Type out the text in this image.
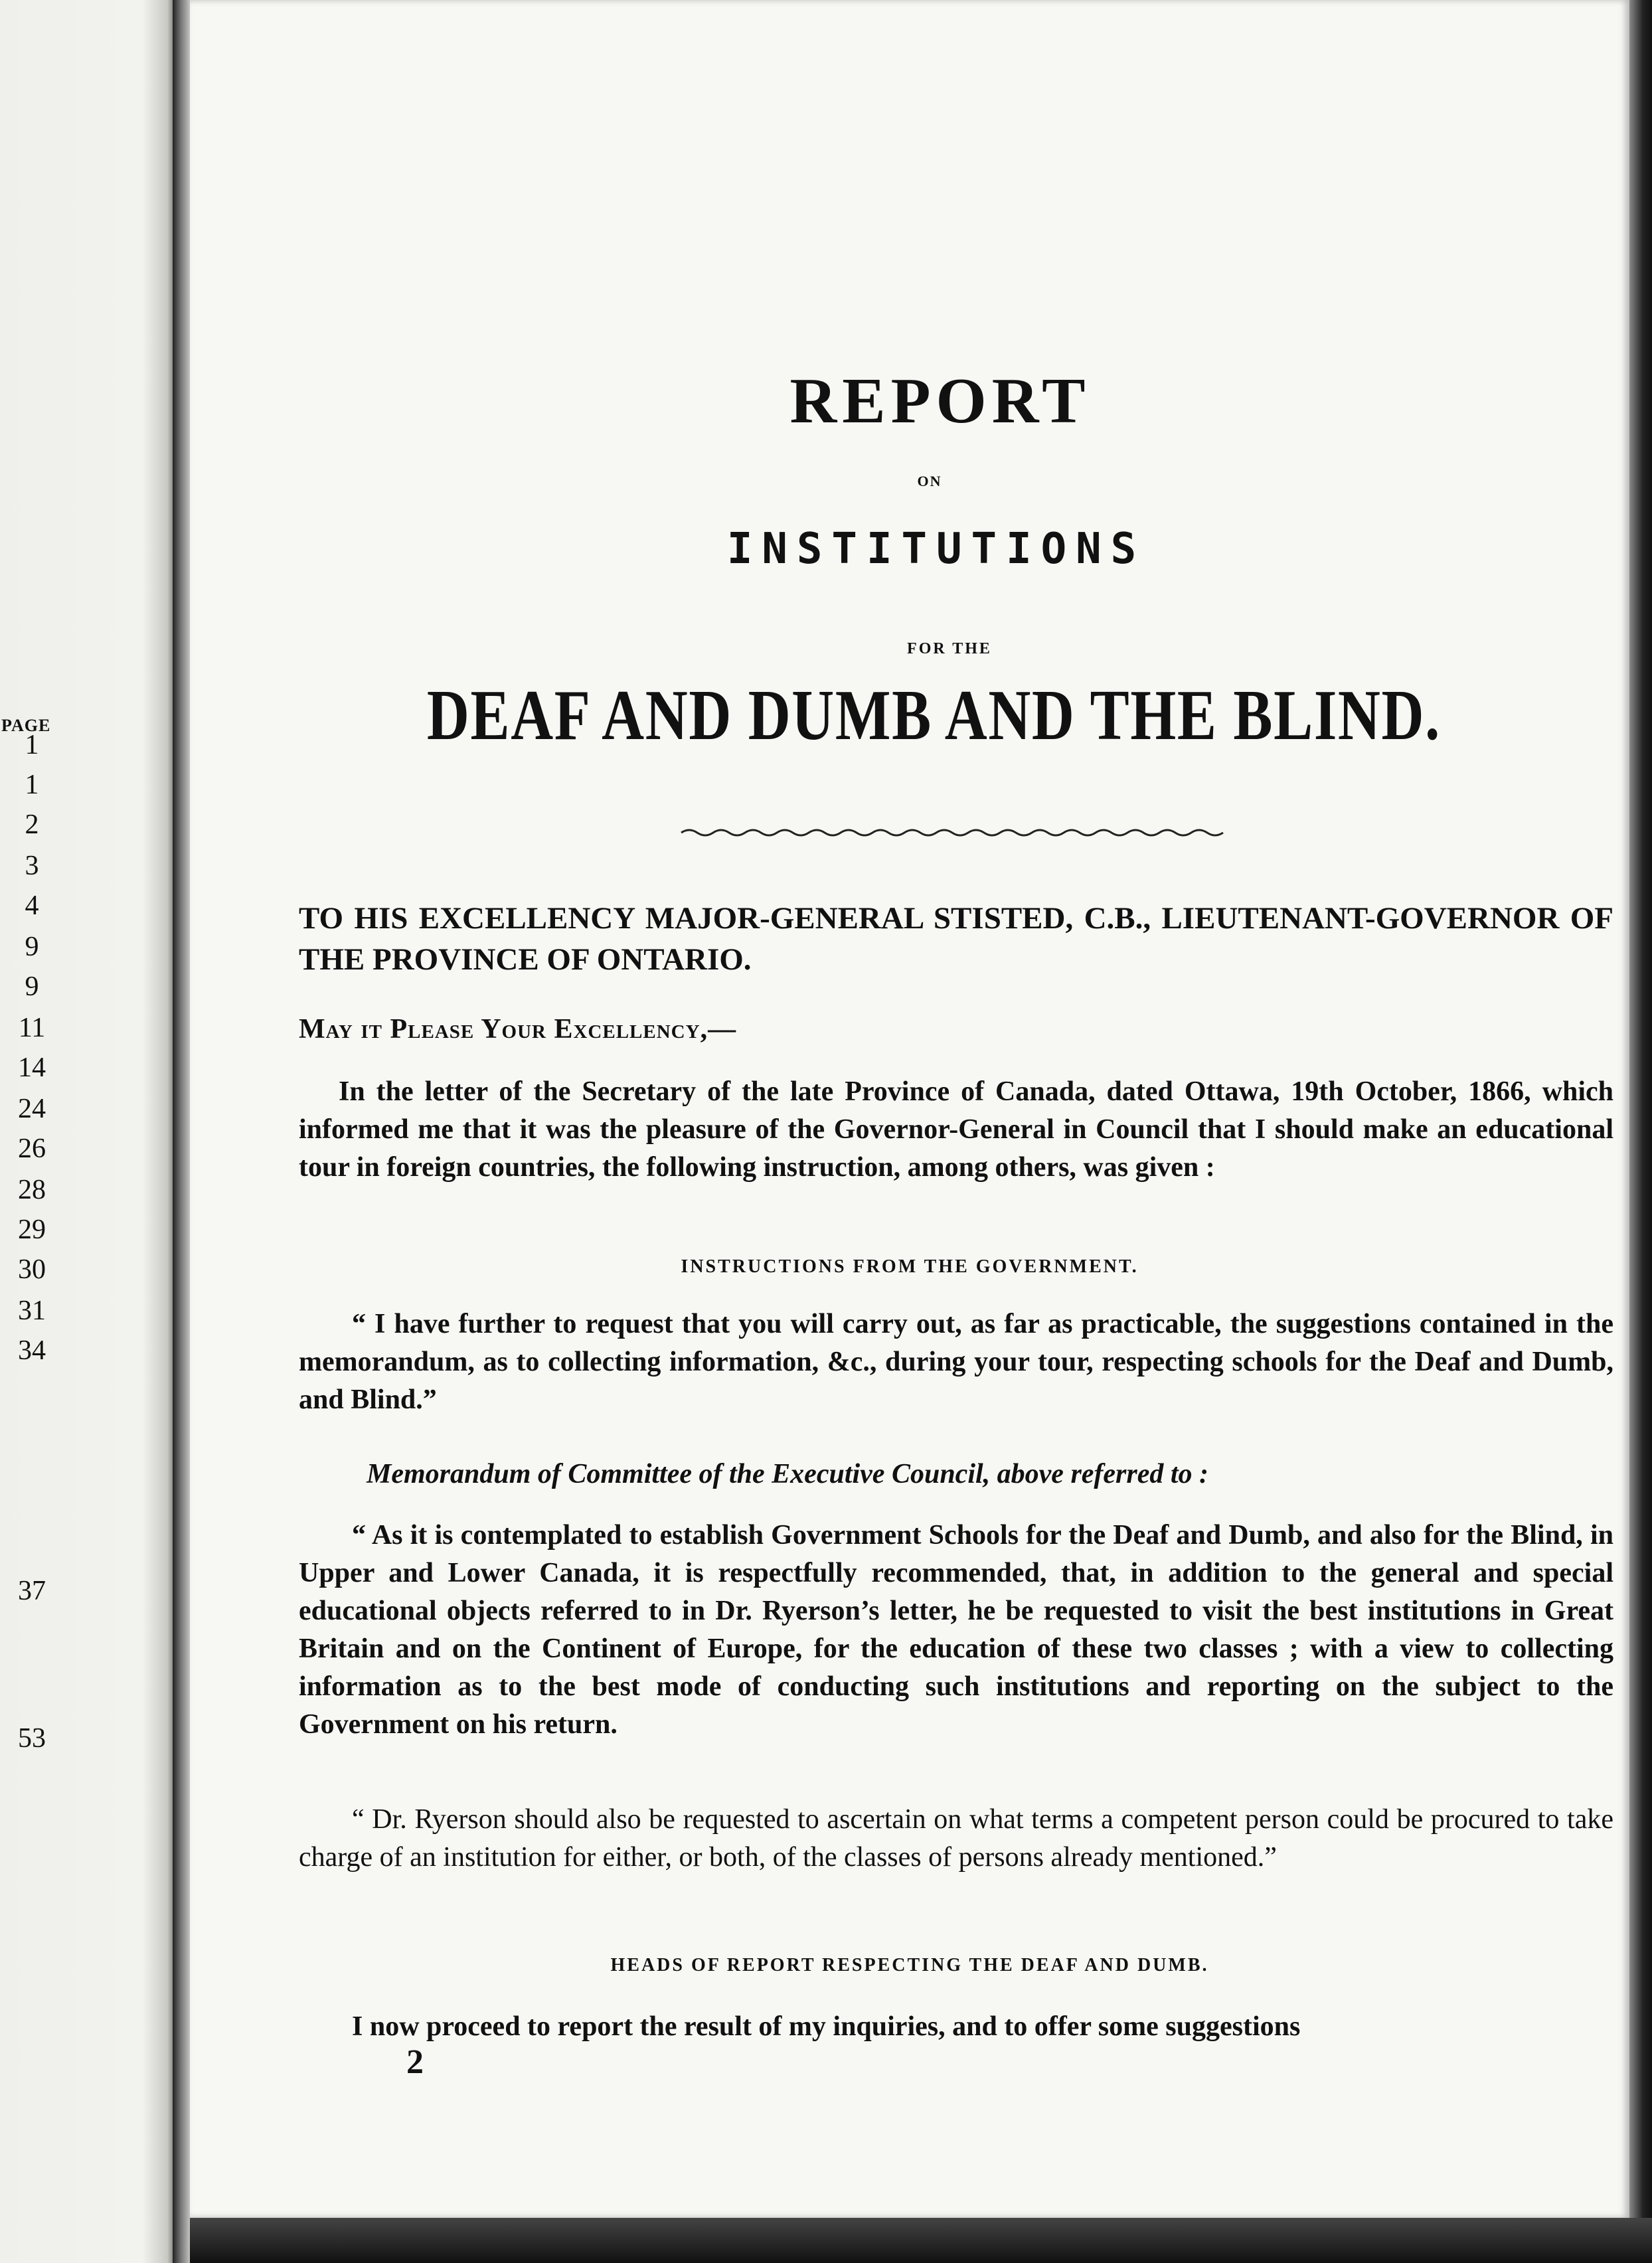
PAGE
1
1
2
3
4
9
9
11
14
24
26
28
29
30
31
34
37
53
REPORT
ON
INSTITUTIONS
FOR THE
DEAF AND DUMB AND THE BLIND.
TO HIS EXCELLENCY MAJOR-GENERAL STISTED, C.B., LIEUTENANT-GOVERNOR OF THE PROVINCE OF ONTARIO.
May it Please Your Excellency,—
In the letter of the Secretary of the late Province of Canada, dated Ottawa, 19th October, 1866, which informed me that it was the pleasure of the Governor-General in Council that I should make an educational tour in foreign countries, the following instruction, among others, was given :
INSTRUCTIONS FROM THE GOVERNMENT.
“ I have further to request that you will carry out, as far as practicable, the suggestions contained in the memorandum, as to collecting information, &c., during your tour, respecting schools for the Deaf and Dumb, and Blind.”
Memorandum of Committee of the Executive Council, above referred to :
“ As it is contemplated to establish Government Schools for the Deaf and Dumb, and also for the Blind, in Upper and Lower Canada, it is respectfully recommended, that, in addition to the general and special educational objects referred to in Dr. Ryerson’s letter, he be requested to visit the best institutions in Great Britain and on the Continent of Europe, for the education of these two classes ; with a view to collecting information as to the best mode of conducting such institutions and reporting on the subject to the Government on his return.
“ Dr. Ryerson should also be requested to ascertain on what terms a competent person could be procured to take charge of an institution for either, or both, of the classes of persons already mentioned.”
HEADS OF REPORT RESPECTING THE DEAF AND DUMB.
I now proceed to report the result of my inquiries, and to offer some suggestions
2
